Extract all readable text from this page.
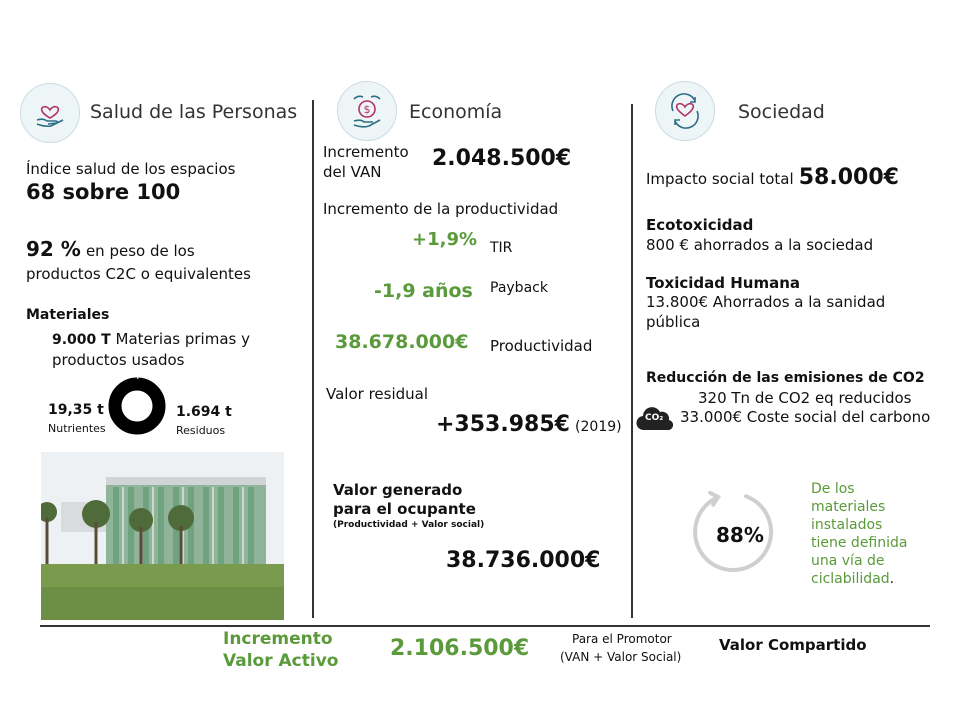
Salud de las Personas	$ Economía	Sociedad
Índice salud de los espacios
68 sobre 100
92 % en peso de los
productos C2C o equivalentes
Materiales
9.000 T Materias primas y
productos usados
19,35 t
Nutrientes
1.694 t
Residuos
Incremento
del VAN
2.048.500€
Incremento de la productividad
+1,9% TIR
-1,9 años Payback
38.678.000€ Productividad
Valor residual
+353.985€ (2019)
Valor generado
para el ocupante
(Productividad + Valor social)
38.736.000€
Impacto social total 58.000€
Ecotoxicidad
800 € ahorrados a la sociedad
Toxicidad Humana
13.800€ Ahorrados a la sanidad
pública
Reducción de las emisiones de CO2
320 Tn de CO2 eq reducidos
33.000€ Coste social del carbono
CO₂
88%
De los
materiales
instalados
tiene definida
una vía de
ciclabilidad.
Incremento
Valor Activo 2.106.500€	Para el Promotor
(VAN + Valor Social)
Valor Compartido
